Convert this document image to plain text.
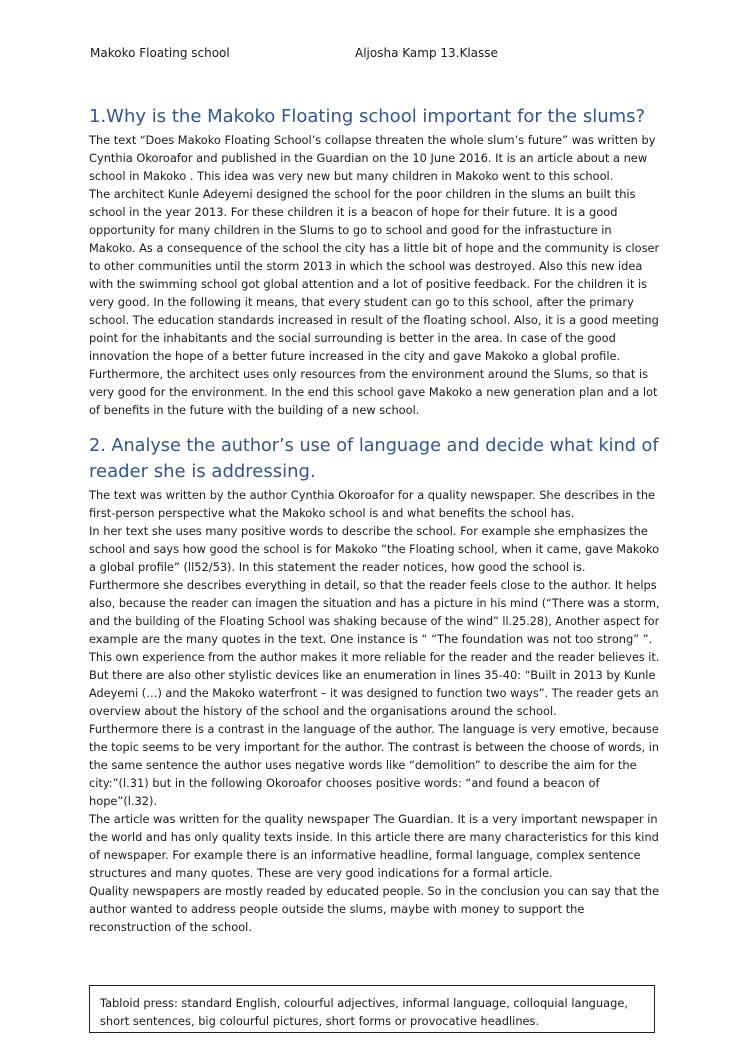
Makoko Floating school	Aljosha Kamp 13.Klasse
1.Why is the Makoko Floating school important for the slums?
The text “Does Makoko Floating School’s collapse threaten the whole slum’s future” was written by
Cynthia Okoroafor and published in the Guardian on the 10 June 2016. It is an article about a new
school in Makoko . This idea was very new but many children in Makoko went to this school.
The architect Kunle Adeyemi designed the school for the poor children in the slums an built this
school in the year 2013. For these children it is a beacon of hope for their future. It is a good
opportunity for many children in the Slums to go to school and good for the infrastucture in
Makoko. As a consequence of the school the city has a little bit of hope and the community is closer
to other communities until the storm 2013 in which the school was destroyed. Also this new idea
with the swimming school got global attention and a lot of positive feedback. For the children it is
very good. In the following it means, that every student can go to this school, after the primary
school. The education standards increased in result of the floating school. Also, it is a good meeting
point for the inhabitants and the social surrounding is better in the area. In case of the good
innovation the hope of a better future increased in the city and gave Makoko a global profile.
Furthermore, the architect uses only resources from the environment around the Slums, so that is
very good for the environment. In the end this school gave Makoko a new generation plan and a lot
of benefits in the future with the building of a new school.
2. Analyse the author’s use of language and decide what kind of
reader she is addressing.
The text was written by the author Cynthia Okoroafor for a quality newspaper. She describes in the
first-person perspective what the Makoko school is and what benefits the school has.
In her text she uses many positive words to describe the school. For example she emphasizes the
school and says how good the school is for Makoko “the Floating school, when it came, gave Makoko
a global profile” (ll52/53). In this statement the reader notices, how good the school is.
Furthermore she describes everything in detail, so that the reader feels close to the author. It helps
also, because the reader can imagen the situation and has a picture in his mind (“There was a storm,
and the building of the Floating School was shaking because of the wind” ll.25.28), Another aspect for
example are the many quotes in the text. One instance is “ “The foundation was not too strong” ”.
This own experience from the author makes it more reliable for the reader and the reader believes it.
But there are also other stylistic devices like an enumeration in lines 35-40: “Built in 2013 by Kunle
Adeyemi (…) and the Makoko waterfront – it was designed to function two ways”. The reader gets an
overview about the history of the school and the organisations around the school.
Furthermore there is a contrast in the language of the author. The language is very emotive, because
the topic seems to be very important for the author. The contrast is between the choose of words, in
the same sentence the author uses negative words like “demolition” to describe the aim for the
city:”(l.31) but in the following Okoroafor chooses positive words: “and found a beacon of
hope”(l.32).
The article was written for the quality newspaper The Guardian. It is a very important newspaper in
the world and has only quality texts inside. In this article there are many characteristics for this kind
of newspaper. For example there is an informative headline, formal language, complex sentence
structures and many quotes. These are very good indications for a formal article.
Quality newspapers are mostly readed by educated people. So in the conclusion you can say that the
author wanted to address people outside the slums, maybe with money to support the
reconstruction of the school.
Tabloid press: standard English, colourful adjectives, informal language, colloquial language,
short sentences, big colourful pictures, short forms or provocative headlines.
